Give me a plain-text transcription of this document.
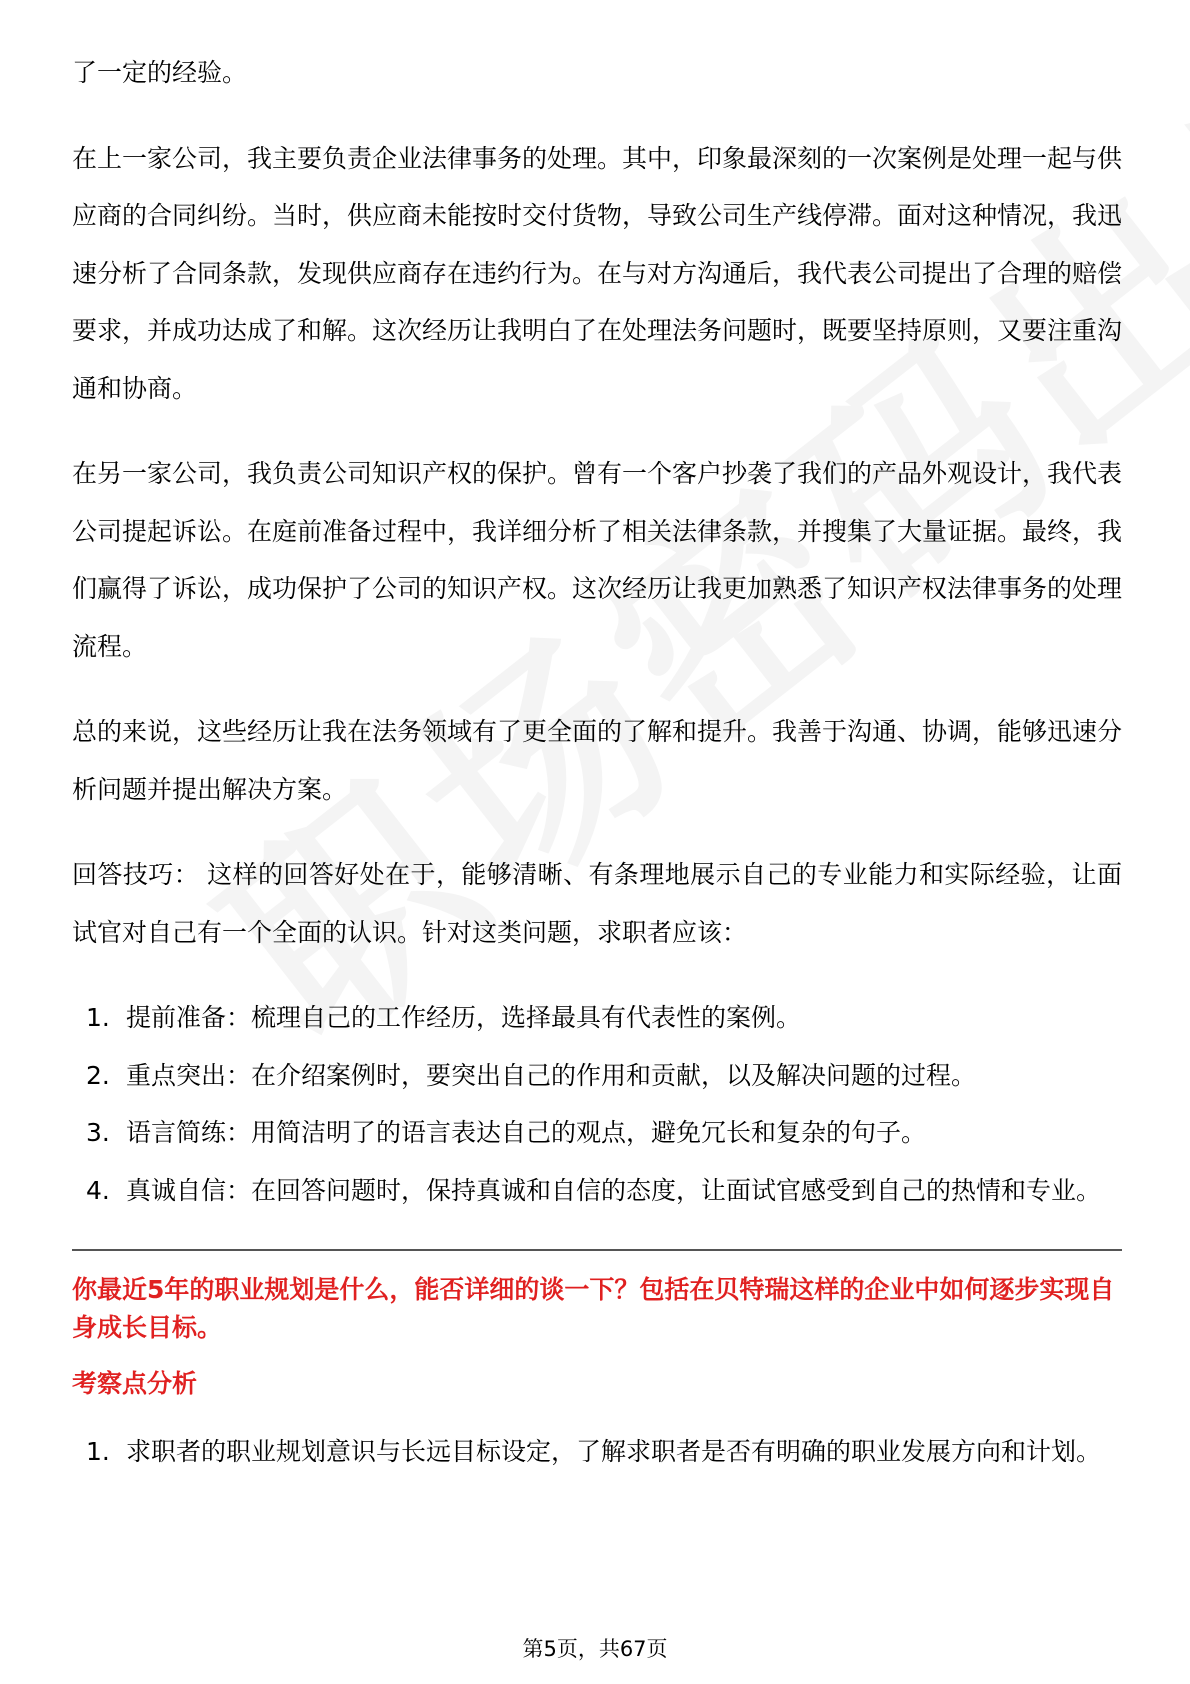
了一定的经验。

在上一家公司，我主要负责企业法律事务的处理。其中，印象最深刻的一次案例是处理一起与供应商的合同纠纷。当时，供应商未能按时交付货物，导致公司生产线停滞。面对这种情况，我迅速分析了合同条款，发现供应商存在违约行为。在与对方沟通后，我代表公司提出了合理的赔偿要求，并成功达成了和解。这次经历让我明白了在处理法务问题时，既要坚持原则，又要注重沟通和协商。

在另一家公司，我负责公司知识产权的保护。曾有一个客户抄袭了我们的产品外观设计，我代表公司提起诉讼。在庭前准备过程中，我详细分析了相关法律条款，并搜集了大量证据。最终，我们赢得了诉讼，成功保护了公司的知识产权。这次经历让我更加熟悉了知识产权法律事务的处理流程。

总的来说，这些经历让我在法务领域有了更全面的了解和提升。我善于沟通、协调，能够迅速分析问题并提出解决方案。

回答技巧： 这样的回答好处在于，能够清晰、有条理地展示自己的专业能力和实际经验，让面试官对自己有一个全面的认识。针对这类问题，求职者应该：

1. 提前准备：梳理自己的工作经历，选择最具有代表性的案例。
2. 重点突出：在介绍案例时，要突出自己的作用和贡献，以及解决问题的过程。
3. 语言简练：用简洁明了的语言表达自己的观点，避免冗长和复杂的句子。
4. 真诚自信：在回答问题时，保持真诚和自信的态度，让面试官感受到自己的热情和专业。
你最近5年的职业规划是什么，能否详细的谈一下？包括在贝特瑞这样的企业中如何逐步实现自身成长目标。
考察点分析
1. 求职者的职业规划意识与长远目标设定，了解求职者是否有明确的职业发展方向和计划。
第5页，共67页
